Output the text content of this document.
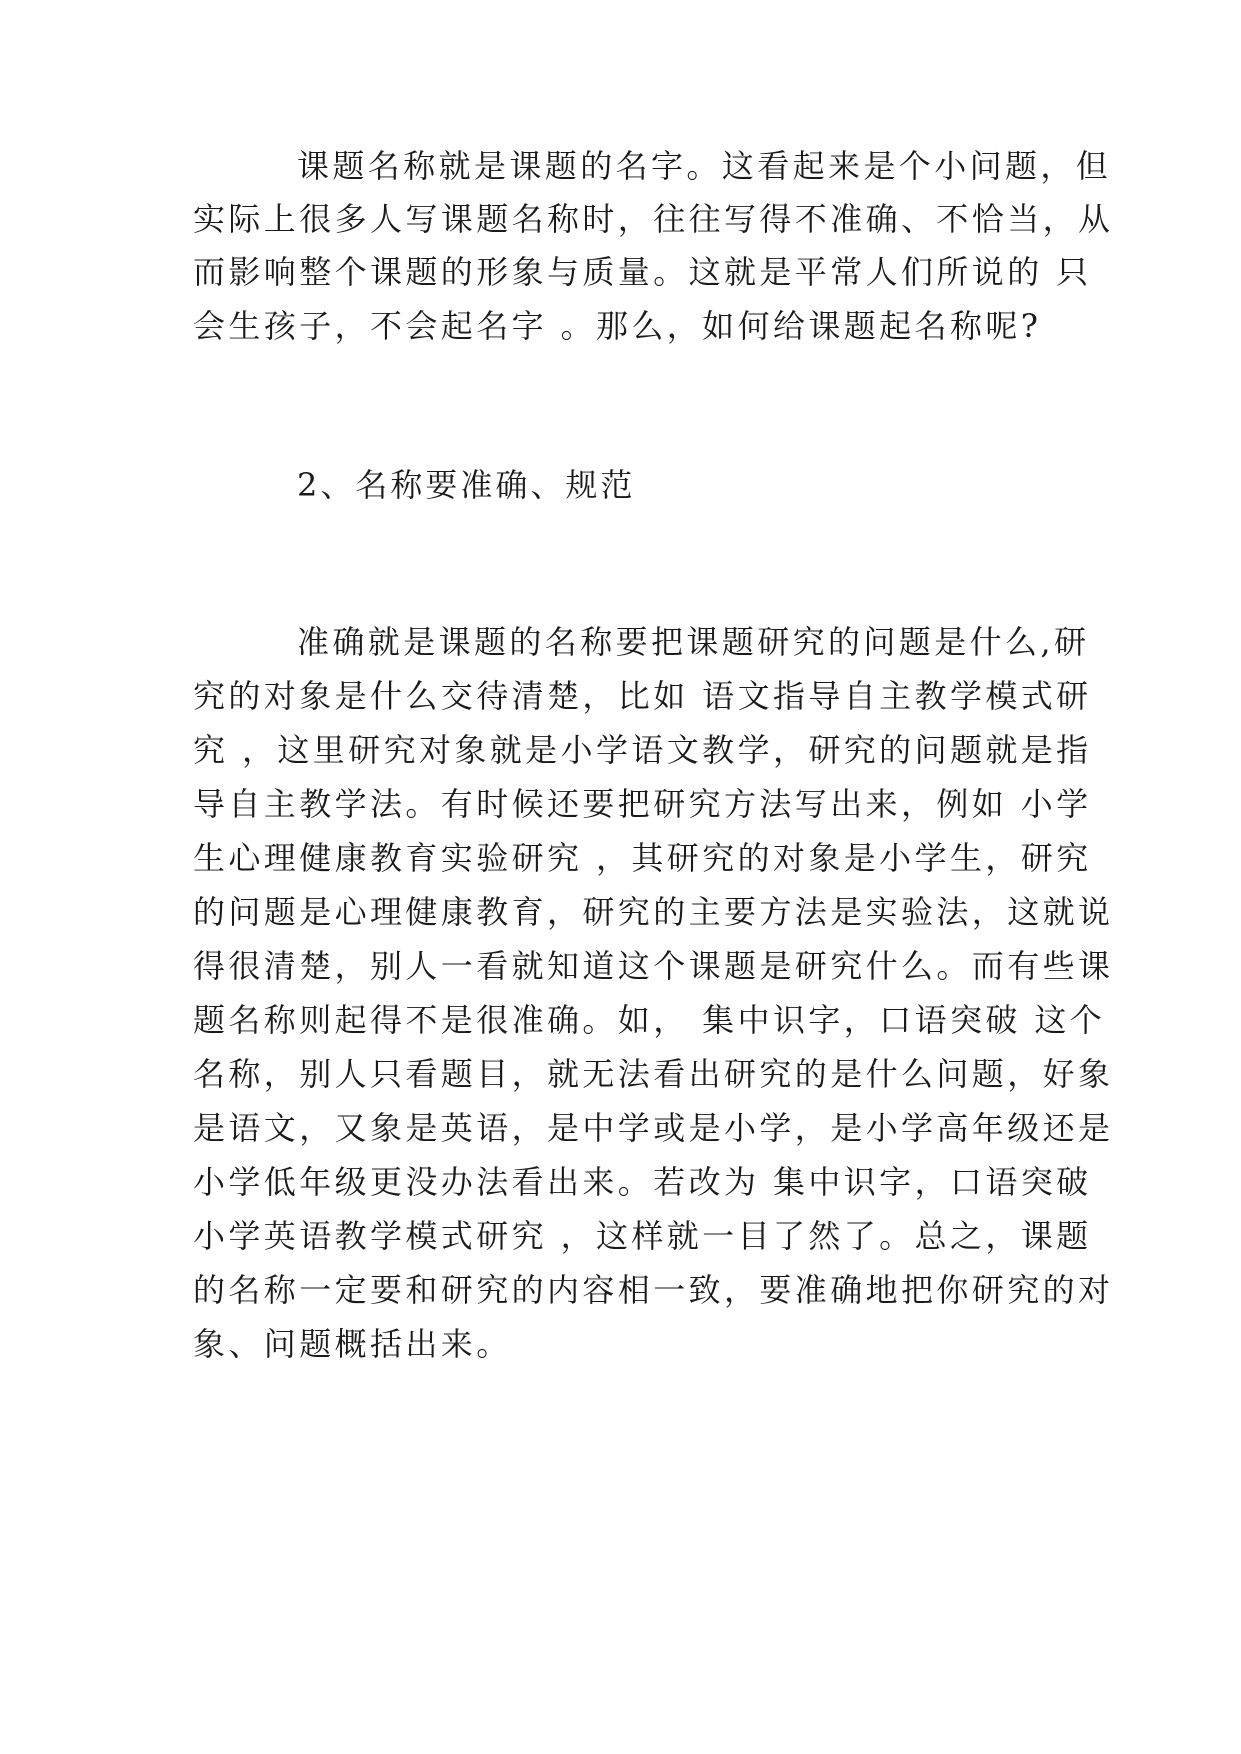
课题名称就是课题的名字。这看起来是个小问题，但
实际上很多人写课题名称时，往往写得不准确、不恰当，从
而影响整个课题的形象与质量。这就是平常人们所说的 只
会生孩子，不会起名字 。那么，如何给课题起名称呢?
2、名称要准确、规范
准确就是课题的名称要把课题研究的问题是什么,研
究的对象是什么交待清楚，比如 语文指导自主教学模式研
究 ，这里研究对象就是小学语文教学，研究的问题就是指
导自主教学法。有时候还要把研究方法写出来，例如 小学
生心理健康教育实验研究 ，其研究的对象是小学生，研究
的问题是心理健康教育，研究的主要方法是实验法，这就说
得很清楚，别人一看就知道这个课题是研究什么。而有些课
题名称则起得不是很准确。如， 集中识字，口语突破 这个
名称，别人只看题目，就无法看出研究的是什么问题，好象
是语文，又象是英语，是中学或是小学，是小学高年级还是
小学低年级更没办法看出来。若改为 集中识字，口语突破
小学英语教学模式研究 ，这样就一目了然了。总之，课题
的名称一定要和研究的内容相一致，要准确地把你研究的对
象、问题概括出来。
